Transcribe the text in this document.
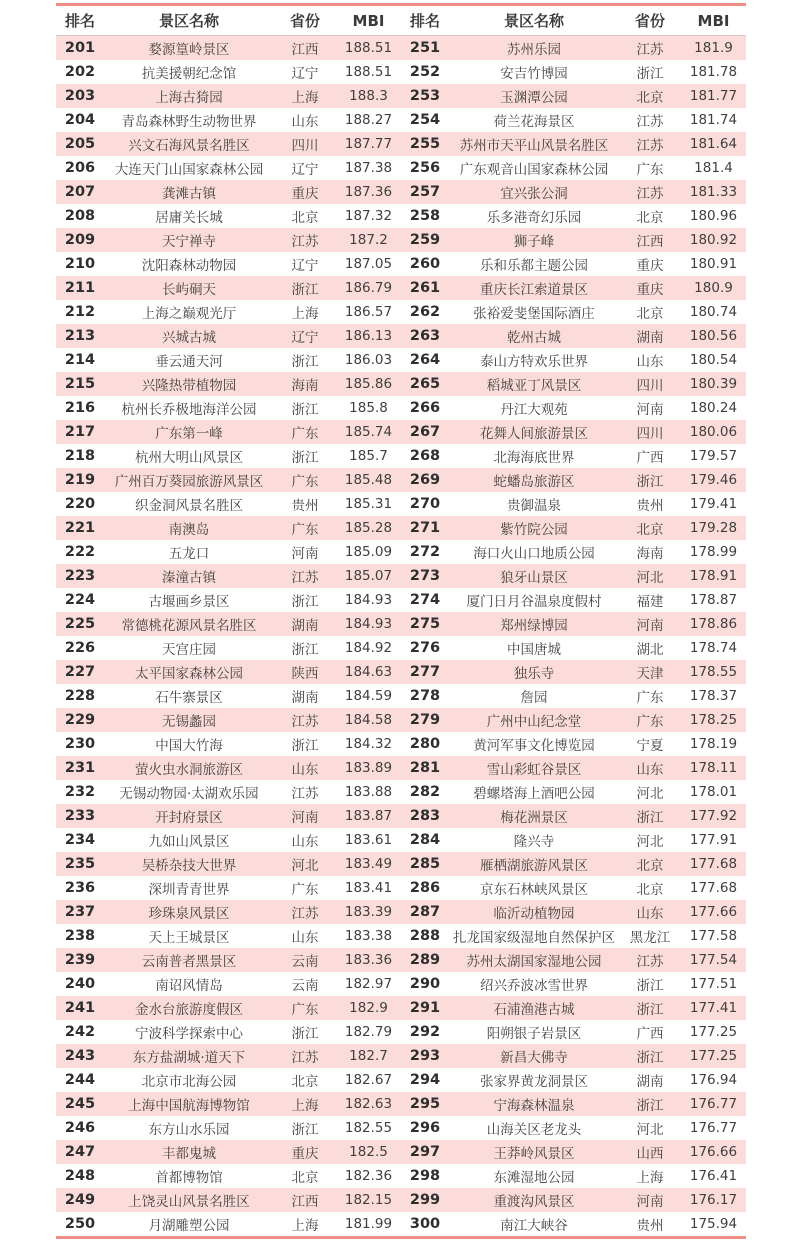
排名	景区名称	省份	MBI	排名	景区名称	省份	MBI
201	婺源篁岭景区	江西	188.51	251	苏州乐园	江苏	181.9
202	抗美援朝纪念馆	辽宁	188.51	252	安吉竹博园	浙江	181.78
203	上海古猗园	上海	188.3	253	玉渊潭公园	北京	181.77
204	青岛森林野生动物世界	山东	188.27	254	荷兰花海景区	江苏	181.74
205	兴文石海风景名胜区	四川	187.77	255	苏州市天平山风景名胜区	江苏	181.64
206	大连天门山国家森林公园	辽宁	187.38	256	广东观音山国家森林公园	广东	181.4
207	龚滩古镇	重庆	187.36	257	宜兴张公洞	江苏	181.33
208	居庸关长城	北京	187.32	258	乐多港奇幻乐园	北京	180.96
209	天宁禅寺	江苏	187.2	259	狮子峰	江西	180.92
210	沈阳森林动物园	辽宁	187.05	260	乐和乐都主题公园	重庆	180.91
211	长屿硐天	浙江	186.79	261	重庆长江索道景区	重庆	180.9
212	上海之巅观光厅	上海	186.57	262	张裕爱斐堡国际酒庄	北京	180.74
213	兴城古城	辽宁	186.13	263	乾州古城	湖南	180.56
214	垂云通天河	浙江	186.03	264	泰山方特欢乐世界	山东	180.54
215	兴隆热带植物园	海南	185.86	265	稻城亚丁风景区	四川	180.39
216	杭州长乔极地海洋公园	浙江	185.8	266	丹江大观苑	河南	180.24
217	广东第一峰	广东	185.74	267	花舞人间旅游景区	四川	180.06
218	杭州大明山风景区	浙江	185.7	268	北海海底世界	广西	179.57
219	广州百万葵园旅游风景区	广东	185.48	269	蛇蟠岛旅游区	浙江	179.46
220	织金洞风景名胜区	贵州	185.31	270	贵御温泉	贵州	179.41
221	南澳岛	广东	185.28	271	紫竹院公园	北京	179.28
222	五龙口	河南	185.09	272	海口火山口地质公园	海南	178.99
223	溱潼古镇	江苏	185.07	273	狼牙山景区	河北	178.91
224	古堰画乡景区	浙江	184.93	274	厦门日月谷温泉度假村	福建	178.87
225	常德桃花源风景名胜区	湖南	184.93	275	郑州绿博园	河南	178.86
226	天宫庄园	浙江	184.92	276	中国唐城	湖北	178.74
227	太平国家森林公园	陕西	184.63	277	独乐寺	天津	178.55
228	石牛寨景区	湖南	184.59	278	詹园	广东	178.37
229	无锡蠡园	江苏	184.58	279	广州中山纪念堂	广东	178.25
230	中国大竹海	浙江	184.32	280	黄河军事文化博览园	宁夏	178.19
231	萤火虫水洞旅游区	山东	183.89	281	雪山彩虹谷景区	山东	178.11
232	无锡动物园·太湖欢乐园	江苏	183.88	282	碧螺塔海上酒吧公园	河北	178.01
233	开封府景区	河南	183.87	283	梅花洲景区	浙江	177.92
234	九如山风景区	山东	183.61	284	隆兴寺	河北	177.91
235	吴桥杂技大世界	河北	183.49	285	雁栖湖旅游风景区	北京	177.68
236	深圳青青世界	广东	183.41	286	京东石林峡风景区	北京	177.68
237	珍珠泉风景区	江苏	183.39	287	临沂动植物园	山东	177.66
238	天上王城景区	山东	183.38	288	扎龙国家级湿地自然保护区	黑龙江	177.58
239	云南普者黑景区	云南	183.36	289	苏州太湖国家湿地公园	江苏	177.54
240	南诏风情岛	云南	182.97	290	绍兴乔波冰雪世界	浙江	177.51
241	金水台旅游度假区	广东	182.9	291	石浦渔港古城	浙江	177.41
242	宁波科学探索中心	浙江	182.79	292	阳朔银子岩景区	广西	177.25
243	东方盐湖城·道天下	江苏	182.7	293	新昌大佛寺	浙江	177.25
244	北京市北海公园	北京	182.67	294	张家界黄龙洞景区	湖南	176.94
245	上海中国航海博物馆	上海	182.63	295	宁海森林温泉	浙江	176.77
246	东方山水乐园	浙江	182.55	296	山海关区老龙头	河北	176.77
247	丰都鬼城	重庆	182.5	297	王莽岭风景区	山西	176.66
248	首都博物馆	北京	182.36	298	东滩湿地公园	上海	176.41
249	上饶灵山风景名胜区	江西	182.15	299	重渡沟风景区	河南	176.17
250	月湖雕塑公园	上海	181.99	300	南江大峡谷	贵州	175.94
